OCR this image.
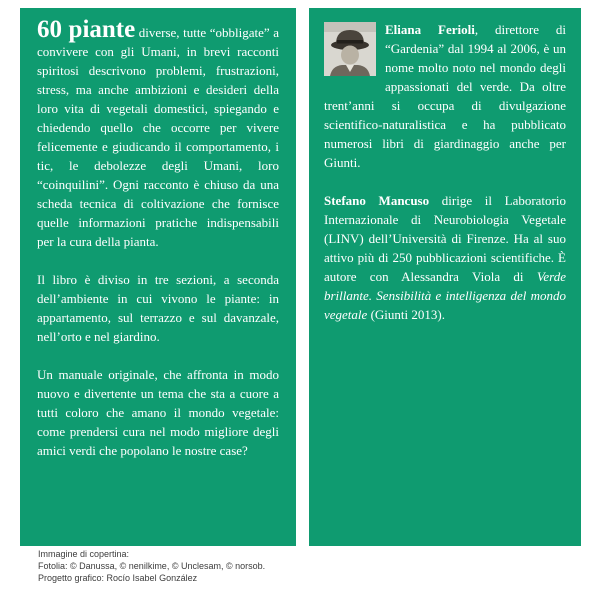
60 piante diverse, tutte “obbligate” a convivere con gli Umani, in brevi racconti spiritosi descrivono problemi, frustrazioni, stress, ma anche ambizioni e desideri della loro vita di vegetali domestici, spiegando e chiedendo quello che occorre per vivere felicemente e giudicando il comportamento, i tic, le debolezze degli Umani, loro “coinquilini”. Ogni racconto è chiuso da una scheda tecnica di coltivazione che fornisce quelle informazioni pratiche indispensabili per la cura della pianta.

Il libro è diviso in tre sezioni, a seconda dell’ambiente in cui vivono le piante: in appartamento, sul terrazzo e sul davanzale, nell’orto e nel giardino.

Un manuale originale, che affronta in modo nuovo e divertente un tema che sta a cuore a tutti coloro che amano il mondo vegetale: come prendersi cura nel modo migliore degli amici verdi che popolano le nostre case?

Eliana Ferioli, direttore di “Gardenia” dal 1994 al 2006, è un nome molto noto nel mondo degli appassionati del verde. Da oltre trent’anni si occupa di divulgazione scientifico-naturalistica e ha pubblicato numerosi libri di giardinaggio anche per Giunti.

Stefano Mancuso dirige il Laboratorio Internazionale di Neurobiologia Vegetale (LINV) dell’Università di Firenze. Ha al suo attivo più di 250 pubblicazioni scientifiche. È autore con Alessandra Viola di Verde brillante. Sensibilità e intelligenza del mondo vegetale (Giunti 2013).

Immagine di copertina:
Fotolia: © Danussa, © nenilkime, © Unclesam, © norsob.
Progetto grafico: Rocío Isabel González
